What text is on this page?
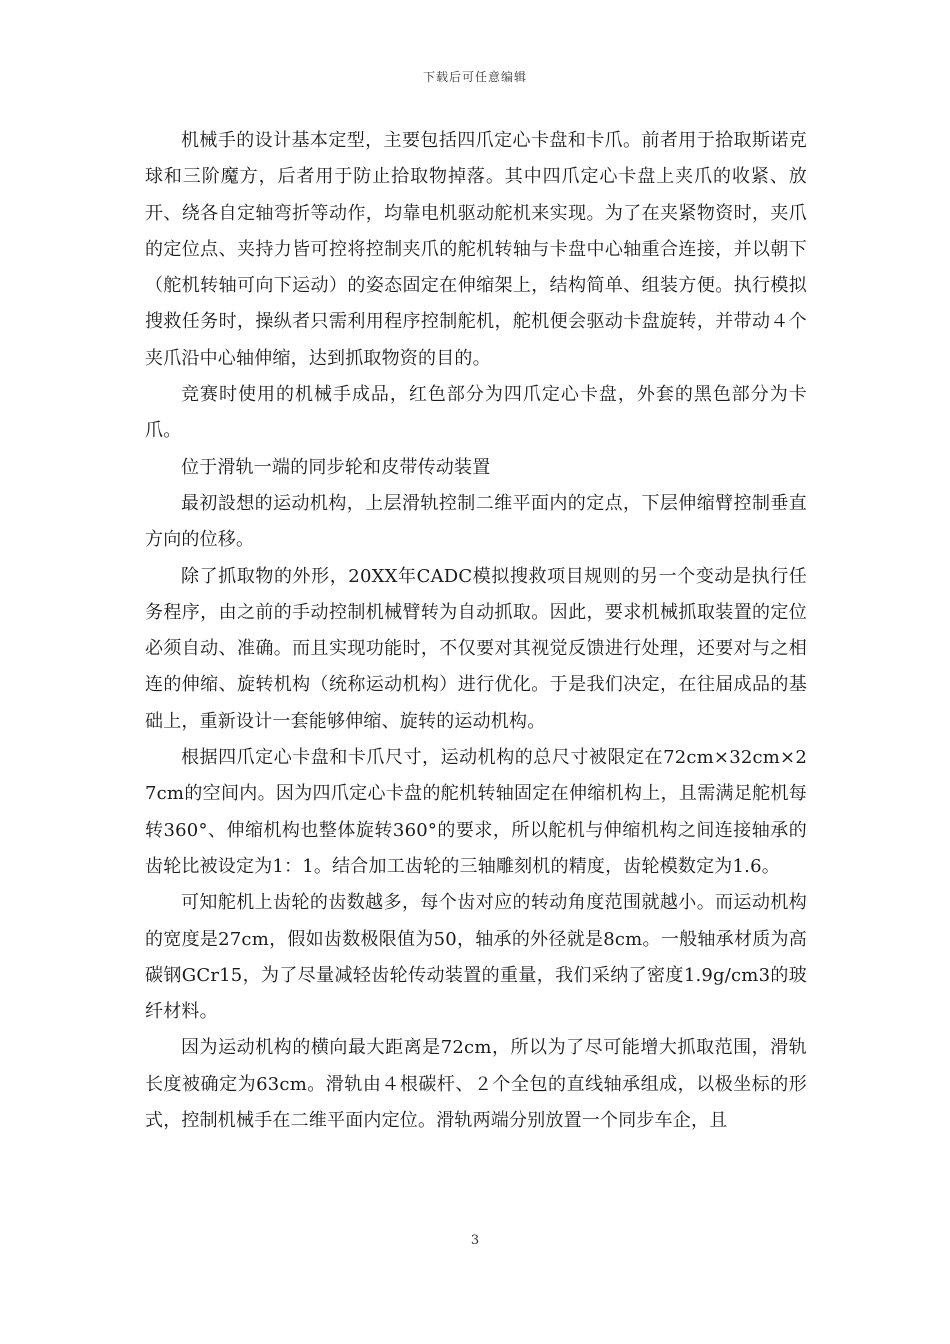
下载后可任意编辑

机械手的设计基本定型，主要包括四爪定心卡盘和卡爪。前者用于拾取斯诺克球和三阶魔方，后者用于防止拾取物掉落。其中四爪定心卡盘上夹爪的收紧、放开、绕各自定轴弯折等动作，均靠电机驱动舵机来实现。为了在夹紧物资时，夹爪的定位点、夹持力皆可控将控制夹爪的舵机转轴与卡盘中心轴重合连接，并以朝下（舵机转轴可向下运动）的姿态固定在伸缩架上，结构简单、组装方便。执行模拟搜救任务时，操纵者只需利用程序控制舵机，舵机便会驱动卡盘旋转，并带动４个夹爪沿中心轴伸缩，达到抓取物资的目的。

竞赛时使用的机械手成品，红色部分为四爪定心卡盘，外套的黑色部分为卡爪。

位于滑轨一端的同步轮和皮带传动装置

最初設想的运动机构，上层滑轨控制二维平面内的定点，下层伸缩臂控制垂直方向的位移。

除了抓取物的外形，20XX年CADC模拟搜救项目规则的另一个变动是执行任务程序，由之前的手动控制机械臂转为自动抓取。因此，要求机械抓取装置的定位必须自动、准确。而且实现功能时，不仅要对其视觉反馈进行处理，还要对与之相连的伸缩、旋转机构（统称运动机构）进行优化。于是我们决定，在往届成品的基础上，重新设计一套能够伸缩、旋转的运动机构。

根据四爪定心卡盘和卡爪尺寸，运动机构的总尺寸被限定在72cm×32cm×27cm的空间内。因为四爪定心卡盘的舵机转轴固定在伸缩机构上，且需满足舵机每转360°、伸缩机构也整体旋转360°的要求，所以舵机与伸缩机构之间连接轴承的齿轮比被设定为1：1。结合加工齿轮的三轴雕刻机的精度，齿轮模数定为1.6。

可知舵机上齿轮的齿数越多，每个齿对应的转动角度范围就越小。而运动机构的宽度是27cm，假如齿数极限值为50，轴承的外径就是8cm。一般轴承材质为高碳钢GCr15，为了尽量减轻齿轮传动装置的重量，我们采纳了密度1.9g/cm3的玻纤材料。

因为运动机构的横向最大距离是72cm，所以为了尽可能增大抓取范围，滑轨长度被确定为63cm。滑轨由４根碳杆、２个全包的直线轴承组成，以极坐标的形式，控制机械手在二维平面内定位。滑轨两端分别放置一个同步车企，且

3
